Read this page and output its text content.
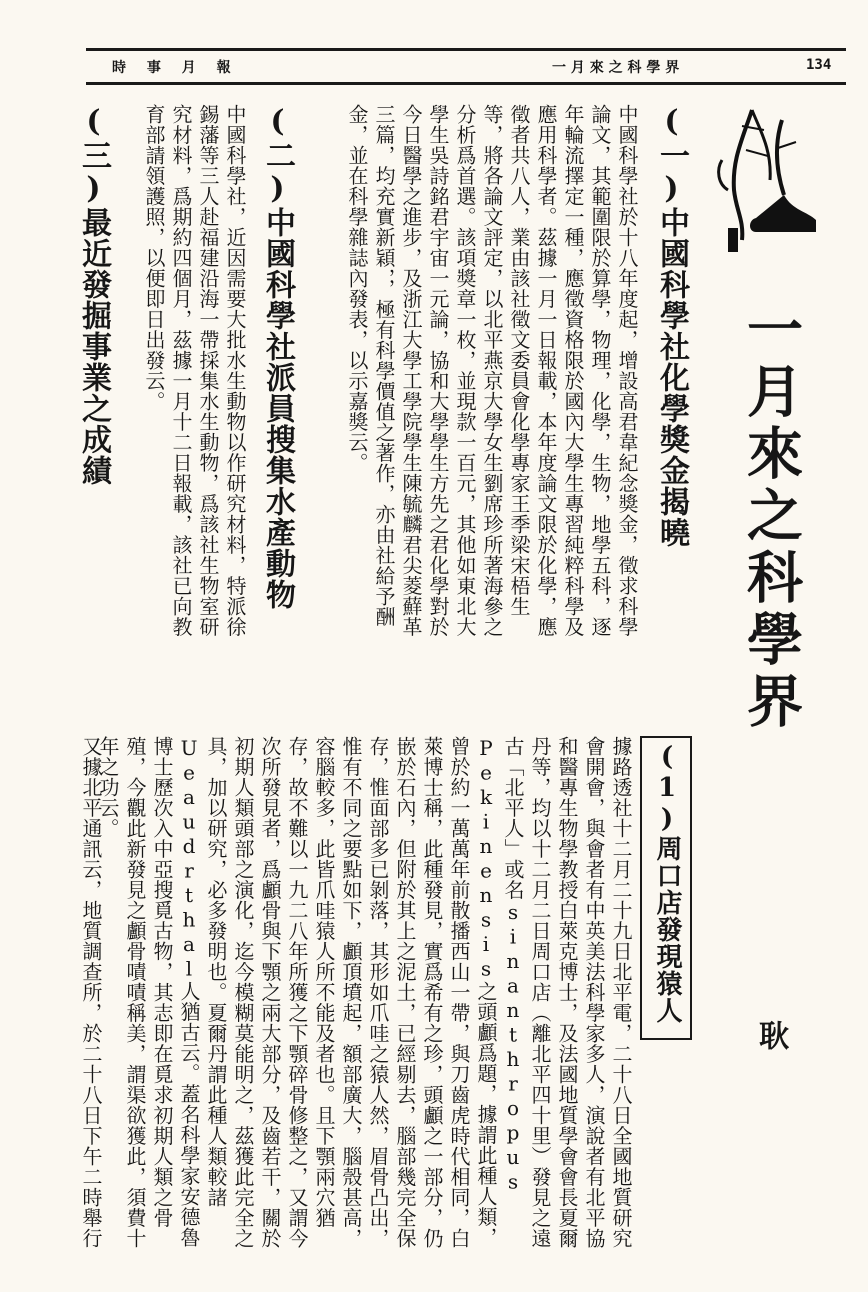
134
一 月 來 之 科 學 界
時 事 月 報
一月來之科學界
耿
(一)中國科學社化學獎金揭曉
中國科學社於十八年度起，增設高君韋紀念獎金，徵求科學論文，其範圍限於算學，物理，化學，生物，地學五科，逐年輪流擇定一種，應徵資格限於國內大學生專習純粹科學及應用科學者。茲據一月一日報載，本年度論文限於化學，應徵者共八人，業由該社徵文委員會化學專家王季梁宋梧生等，將各論文評定，以北平燕京大學女生劉席珍所著海參之分析爲首選。該項獎章一枚，並現款一百元，其他如東北大學生吳詩銘君宇宙一元論，協和大學學生方先之君化學對於今日醫學之進步，及浙江大學工學院學生陳毓麟君尖菱蘚革三篇，均充實新穎，，極有科學價值之著作，亦由社給予酬金，並在科學雜誌內發表，以示嘉獎云。
(二)中國科學社派員搜集水產動物
中國科學社，近因需要大批水生動物以作研究材料，特派徐錫藩等三人赴福建沿海一帶採集水生動物，爲該社生物室研究材料，爲期約四個月，茲據一月十二日報載，該社已向教育部請領護照，以便即日出發云。
(三)最近發掘事業之成績
(1)周口店發現猿人
據路透社十二月二十九日北平電，二十八日全國地質研究會開會，與會者有中英美法科學家多人，演說者有北平協和醫專生物學教授白萊克博士，及法國地質學會會長夏爾丹等，均以十二月二日周口店（離北平四十里）發見之遠古「北平人」或名sinanthropus Pekinensis之頭顱爲題，據謂此種人類，曾於約一萬萬年前散播西山一帶，與刀齒虎時代相同，白萊博士稱，此種發見，實爲希有之珍，頭顱之一部分，仍嵌於石內，但附於其上之泥土，已經剔去，腦部幾完全保存，惟面部多已剝落，其形如爪哇之猿人然，眉骨凸出，惟有不同之要點如下，顱頂墳起，額部廣大，腦殼甚高，容腦較多，此皆爪哇猿人所不能及者也。且下顎兩穴猶存，故不難以一九二八年所獲之下顎碎骨修整之，又謂今次所發見者，爲顱骨與下顎之兩大部分，及齒若干，關於初期人類頭部之演化，迄今模糊莫能明之，茲獲此完全之具，加以研究，必多發明也。夏爾丹謂此種人類較諸 Ueaudrthal人猶古云。蓋名科學家安德魯博士歷次入中亞搜覓古物，其志即在覓求初期人類之骨殖，今觀此新發見之顱骨嘖嘖稱美，謂渠欲獲此，須費十年之功云。
又據北平通訊云，地質調查所，於二十八日下午二時舉行
